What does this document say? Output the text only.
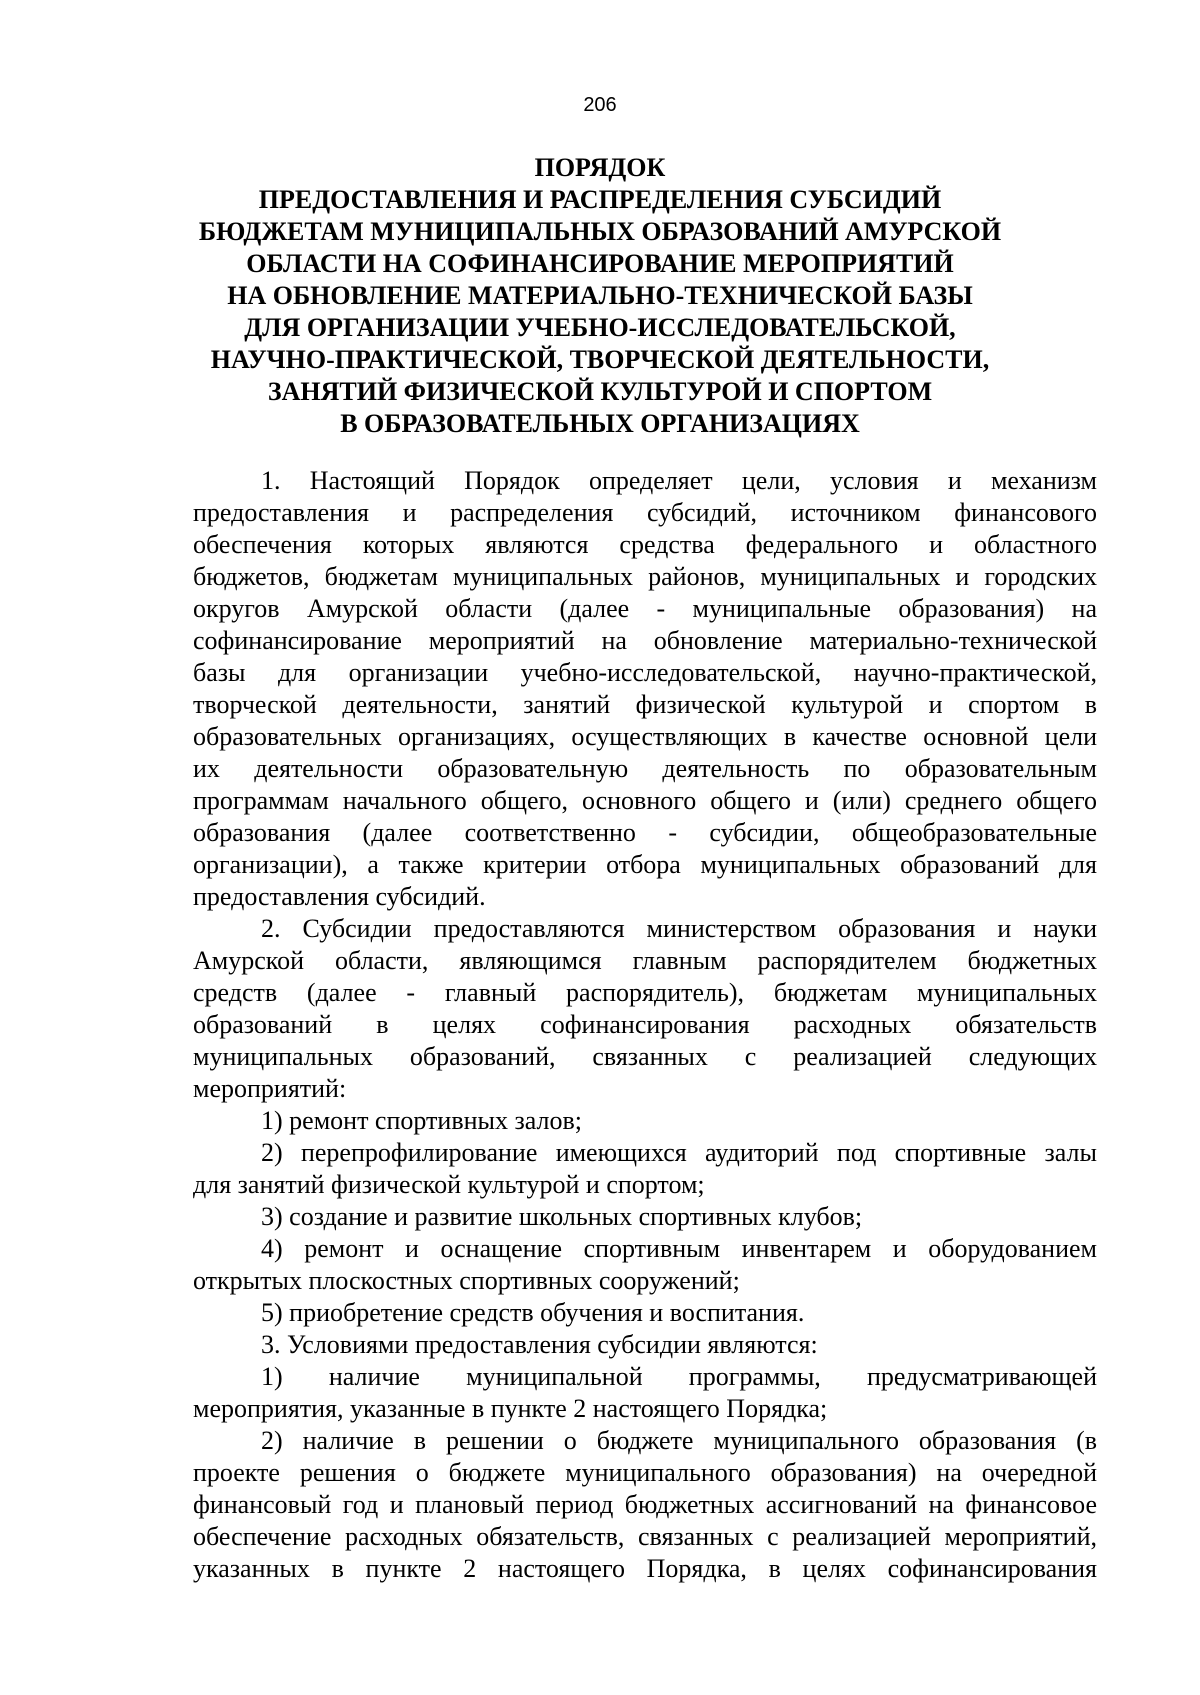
206
ПОРЯДОК
ПРЕДОСТАВЛЕНИЯ И РАСПРЕДЕЛЕНИЯ СУБСИДИЙ
БЮДЖЕТАМ МУНИЦИПАЛЬНЫХ ОБРАЗОВАНИЙ АМУРСКОЙ
ОБЛАСТИ НА СОФИНАНСИРОВАНИЕ МЕРОПРИЯТИЙ
НА ОБНОВЛЕНИЕ МАТЕРИАЛЬНО-ТЕХНИЧЕСКОЙ БАЗЫ
ДЛЯ ОРГАНИЗАЦИИ УЧЕБНО-ИССЛЕДОВАТЕЛЬСКОЙ,
НАУЧНО-ПРАКТИЧЕСКОЙ, ТВОРЧЕСКОЙ ДЕЯТЕЛЬНОСТИ,
ЗАНЯТИЙ ФИЗИЧЕСКОЙ КУЛЬТУРОЙ И СПОРТОМ
В ОБРАЗОВАТЕЛЬНЫХ ОРГАНИЗАЦИЯХ
1. Настоящий Порядок определяет цели, условия и механизм
предоставления и распределения субсидий, источником финансового
обеспечения которых являются средства федерального и областного
бюджетов, бюджетам муниципальных районов, муниципальных и городских
округов Амурской области (далее - муниципальные образования) на
софинансирование мероприятий на обновление материально-технической
базы для организации учебно-исследовательской, научно-практической,
творческой деятельности, занятий физической культурой и спортом в
образовательных организациях, осуществляющих в качестве основной цели
их деятельности образовательную деятельность по образовательным
программам начального общего, основного общего и (или) среднего общего
образования (далее соответственно - субсидии, общеобразовательные
организации), а также критерии отбора муниципальных образований для
предоставления субсидий.
2. Субсидии предоставляются министерством образования и науки
Амурской области, являющимся главным распорядителем бюджетных
средств (далее - главный распорядитель), бюджетам муниципальных
образований в целях софинансирования расходных обязательств
муниципальных образований, связанных с реализацией следующих
мероприятий:
1) ремонт спортивных залов;
2) перепрофилирование имеющихся аудиторий под спортивные залы
для занятий физической культурой и спортом;
3) создание и развитие школьных спортивных клубов;
4) ремонт и оснащение спортивным инвентарем и оборудованием
открытых плоскостных спортивных сооружений;
5) приобретение средств обучения и воспитания.
3. Условиями предоставления субсидии являются:
1) наличие муниципальной программы, предусматривающей
мероприятия, указанные в пункте 2 настоящего Порядка;
2) наличие в решении о бюджете муниципального образования (в
проекте решения о бюджете муниципального образования) на очередной
финансовый год и плановый период бюджетных ассигнований на финансовое
обеспечение расходных обязательств, связанных с реализацией мероприятий,
указанных в пункте 2 настоящего Порядка, в целях софинансирования
